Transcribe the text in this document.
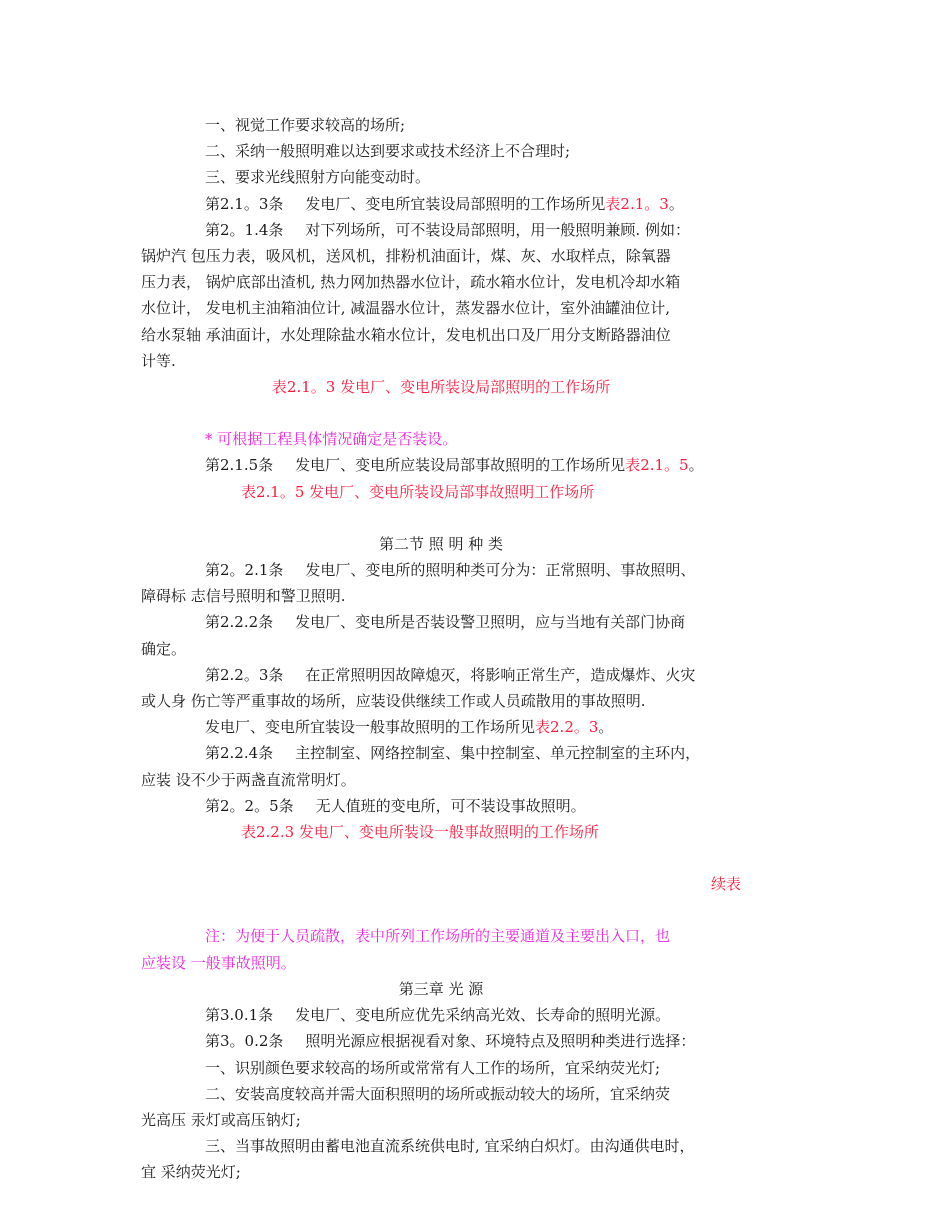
一、视觉工作要求较高的场所;
二、采纳一般照明难以达到要求或技术经济上不合理时;
三、要求光线照射方向能变动时。
第2.1。3条 发电厂、变电所宜装设局部照明的工作场所见表2.1。3。
第2。1.4条 对下列场所，可不装设局部照明，用一般照明兼顾. 例如：
锅炉汽 包压力表，吸风机，送风机，排粉机油面计，煤、灰、水取样点，除氧器
压力表， 锅炉底部出渣机, 热力网加热器水位计，疏水箱水位计，发电机冷却水箱
水位计， 发电机主油箱油位计, 减温器水位计，蒸发器水位计，室外油罐油位计,
给水泵轴 承油面计，水处理除盐水箱水位计，发电机出口及厂用分支断路器油位
计等.
表2.1。3 发电厂、变电所装设局部照明的工作场所
* 可根据工程具体情况确定是否装设。
第2.1.5条 发电厂、变电所应装设局部事故照明的工作场所见表2.1。5。
表2.1。5 发电厂、变电所装设局部事故照明工作场所
第二节 照 明 种 类
第2。2.1条 发电厂、变电所的照明种类可分为：正常照明、事故照明、
障碍标 志信号照明和警卫照明.
第2.2.2条 发电厂、变电所是否装设警卫照明，应与当地有关部门协商
确定。
第2.2。3条 在正常照明因故障熄灭，将影响正常生产，造成爆炸、火灾
或人身 伤亡等严重事故的场所，应装设供继续工作或人员疏散用的事故照明.
发电厂、变电所宜装设一般事故照明的工作场所见表2.2。3。
第2.2.4条 主控制室、网络控制室、集中控制室、单元控制室的主环内，
应装 设不少于两盏直流常明灯。
第2。2。5条 无人值班的变电所，可不装设事故照明。
表2.2.3 发电厂、变电所装设一般事故照明的工作场所
续表
注：为便于人员疏散，表中所列工作场所的主要通道及主要出入口，也
应装设 一般事故照明。
第三章 光 源
第3.0.1条 发电厂、变电所应优先采纳高光效、长寿命的照明光源。
第3。0.2条 照明光源应根据视看对象、环境特点及照明种类进行选择：
一、识别颜色要求较高的场所或常常有人工作的场所，宜采纳荧光灯;
二、安装高度较高并需大面积照明的场所或振动较大的场所，宜采纳荧
光高压 汞灯或高压钠灯;
三、当事故照明由蓄电池直流系统供电时, 宜采纳白炽灯。由沟通供电时，
宜 采纳荧光灯;
